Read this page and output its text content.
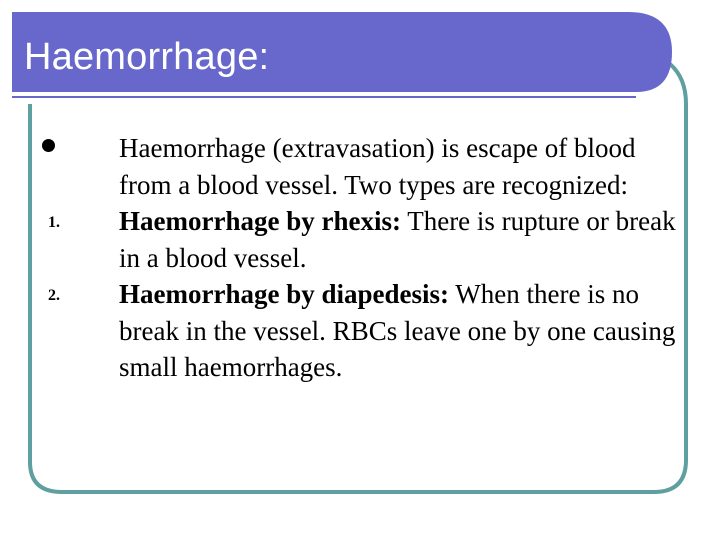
Haemorrhage:
Haemorrhage (extravasation) is escape of blood from a blood vessel. Two types are recognized:
1. Haemorrhage by rhexis: There is rupture or break in a blood vessel.
2. Haemorrhage by diapedesis: When there is no break in the vessel. RBCs leave one by one causing small haemorrhages.
